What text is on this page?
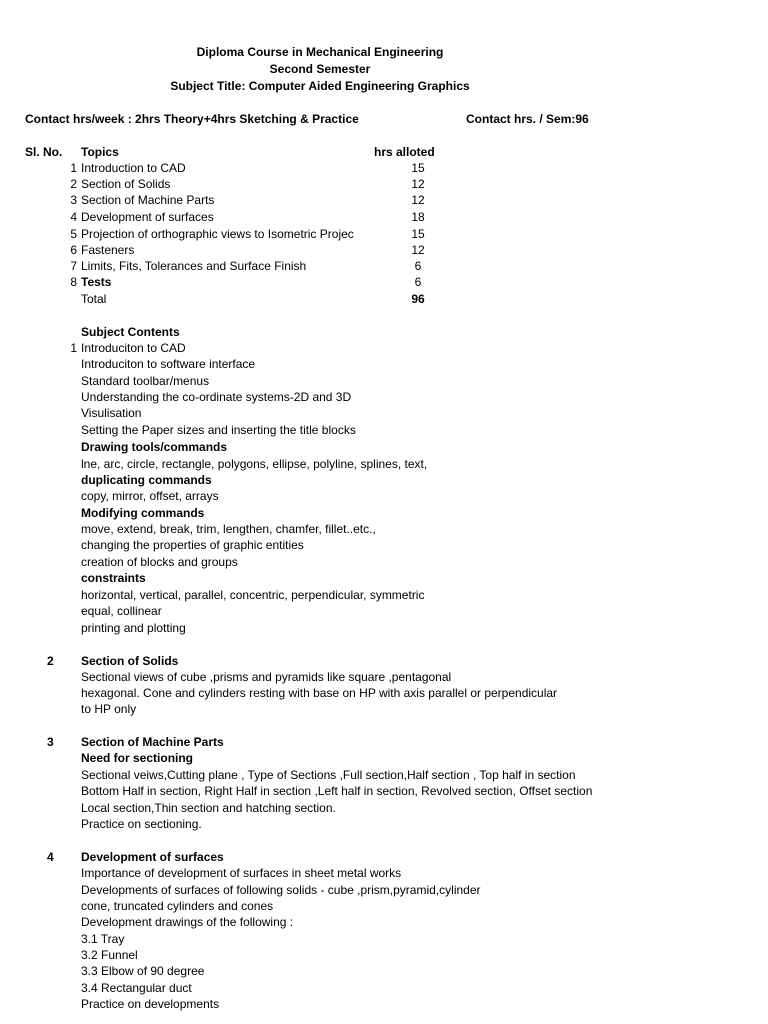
Diploma Course in Mechanical Engineering
Second Semester
Subject Title: Computer Aided Engineering Graphics
Contact hrs/week : 2hrs Theory+4hrs Sketching & Practice	Contact hrs. / Sem:96
Sl. No. Topics	hrs alloted
1 Introduction to CAD	15
2 Section of Solids	12
3 Section of Machine Parts	12
4 Development of surfaces	18
5 Projection of orthographic views to Isometric Projec	15
6 Fasteners	12
7 Limits, Fits, Tolerances and Surface Finish	6
8 Tests	6
Total	96
Subject Contents
1 Introduciton to CAD
Introduciton to software interface
Standard toolbar/menus
Understanding the co-ordinate systems-2D and 3D
Visulisation
Setting the Paper sizes and inserting the title blocks
Drawing tools/commands
lne, arc, circle, rectangle, polygons, ellipse, polyline, splines, text,
duplicating commands
copy, mirror, offset, arrays
Modifying commands
move, extend, break, trim, lengthen, chamfer, fillet..etc.,
changing the properties of graphic entities
creation of blocks and groups
constraints
horizontal, vertical, parallel, concentric, perpendicular, symmetric
equal, collinear
printing and plotting
2 Section of Solids
Sectional views of cube ,prisms and pyramids like square ,pentagonal
hexagonal. Cone and cylinders resting with base on HP with axis parallel or perpendicular
to HP only
3 Section of Machine Parts
Need for sectioning
Sectional veiws,Cutting plane , Type of Sections ,Full section,Half section , Top half in section
Bottom Half in section, Right Half in section ,Left half in section, Revolved section, Offset section
Local section,Thin section and hatching section.
Practice on sectioning.
4 Development of surfaces
Importance of development of surfaces in sheet metal works
Developments of surfaces of following solids - cube ,prism,pyramid,cylinder
cone, truncated cylinders and cones
Development drawings of the following :
3.1 Tray
3.2 Funnel
3.3 Elbow of 90 degree
3.4 Rectangular duct
Practice on developments
